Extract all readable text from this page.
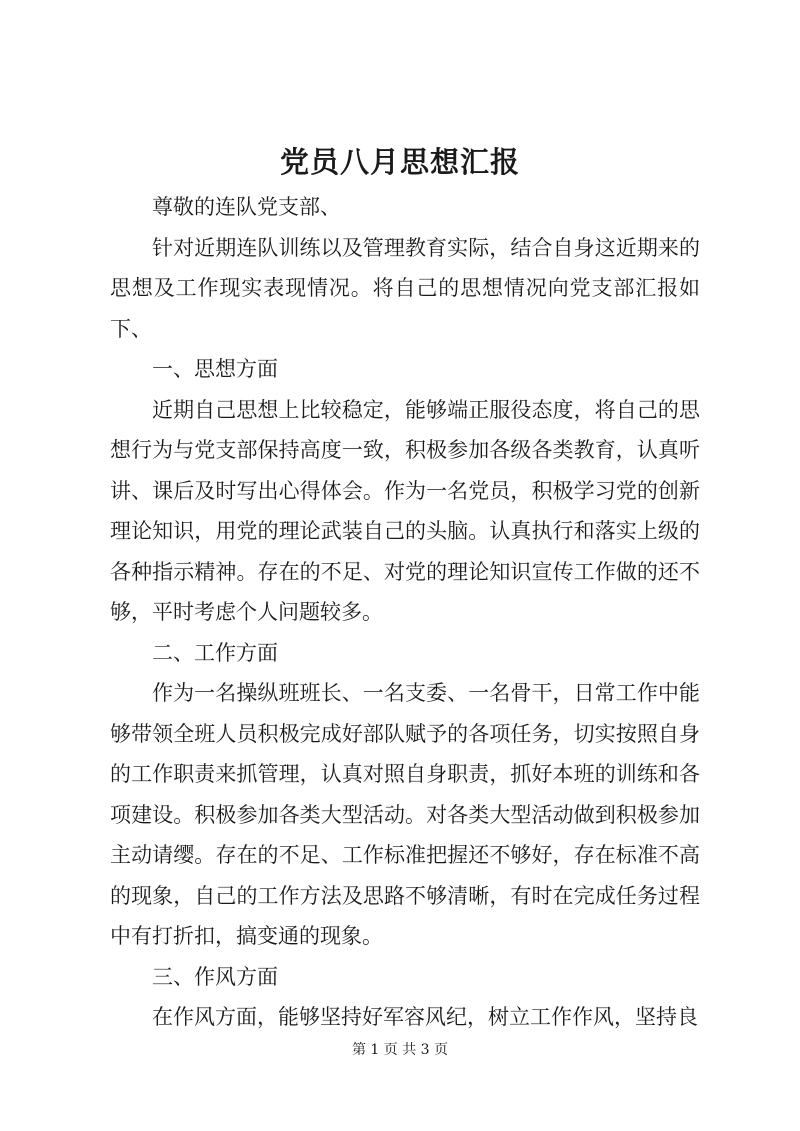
党员八月思想汇报

尊敬的连队党支部、

针对近期连队训练以及管理教育实际，结合自身这近期来的思想及工作现实表现情况。将自己的思想情况向党支部汇报如下、

一、思想方面

近期自己思想上比较稳定，能够端正服役态度，将自己的思想行为与党支部保持高度一致，积极参加各级各类教育，认真听讲、课后及时写出心得体会。作为一名党员，积极学习党的创新理论知识，用党的理论武装自己的头脑。认真执行和落实上级的各种指示精神。存在的不足、对党的理论知识宣传工作做的还不够，平时考虑个人问题较多。

二、工作方面

作为一名操纵班班长、一名支委、一名骨干，日常工作中能够带领全班人员积极完成好部队赋予的各项任务，切实按照自身的工作职责来抓管理，认真对照自身职责，抓好本班的训练和各项建设。积极参加各类大型活动。对各类大型活动做到积极参加主动请缨。存在的不足、工作标准把握还不够好，存在标准不高的现象，自己的工作方法及思路不够清晰，有时在完成任务过程中有打折扣，搞变通的现象。

三、作风方面

在作风方面，能够坚持好军容风纪，树立工作作风，坚持良

第 1 页 共 3 页
